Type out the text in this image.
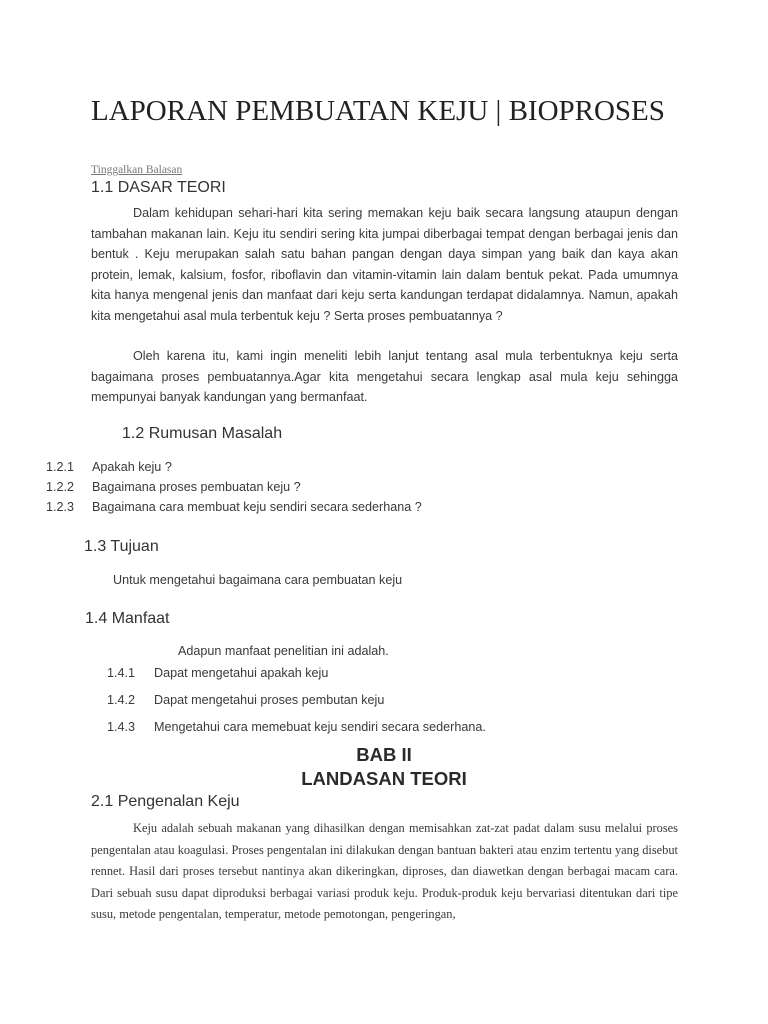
LAPORAN PEMBUATAN KEJU | BIOPROSES
Tinggalkan Balasan
1.1 DASAR TEORI

Dalam kehidupan sehari-hari kita sering memakan keju baik secara langsung ataupun dengan tambahan makanan lain. Keju itu sendiri sering kita jumpai diberbagai tempat dengan berbagai jenis dan bentuk . Keju merupakan salah satu bahan pangan dengan daya simpan yang baik dan kaya akan protein, lemak, kalsium, fosfor, riboflavin dan vitamin-vitamin lain dalam bentuk pekat. Pada umumnya kita hanya mengenal jenis dan manfaat dari keju serta kandungan terdapat didalamnya. Namun, apakah kita mengetahui asal mula terbentuk keju ? Serta proses pembuatannya ?

Oleh karena itu, kami ingin meneliti lebih lanjut tentang asal mula terbentuknya keju serta bagaimana proses pembuatannya.Agar kita mengetahui secara lengkap asal mula keju sehingga mempunyai banyak kandungan yang bermanfaat.

1.2 Rumusan Masalah
1.2.1 Apakah keju ?
1.2.2 Bagaimana proses pembuatan keju ?
1.2.3 Bagaimana cara membuat keju sendiri secara sederhana ?
1.3 Tujuan
Untuk mengetahui bagaimana cara pembuatan keju
1.4 Manfaat
Adapun manfaat penelitian ini adalah.
1.4.1 Dapat mengetahui apakah keju
1.4.2 Dapat mengetahui proses pembutan keju
1.4.3 Mengetahui cara memebuat keju sendiri secara sederhana.
BAB II
LANDASAN TEORI
2.1 Pengenalan Keju

Keju adalah sebuah makanan yang dihasilkan dengan memisahkan zat-zat padat dalam susu melalui proses pengentalan atau koagulasi. Proses pengentalan ini dilakukan dengan bantuan bakteri atau enzim tertentu yang disebut rennet. Hasil dari proses tersebut nantinya akan dikeringkan, diproses, dan diawetkan dengan berbagai macam cara. Dari sebuah susu dapat diproduksi berbagai variasi produk keju. Produk-produk keju bervariasi ditentukan dari tipe susu, metode pengentalan, temperatur, metode pemotongan, pengeringan,
